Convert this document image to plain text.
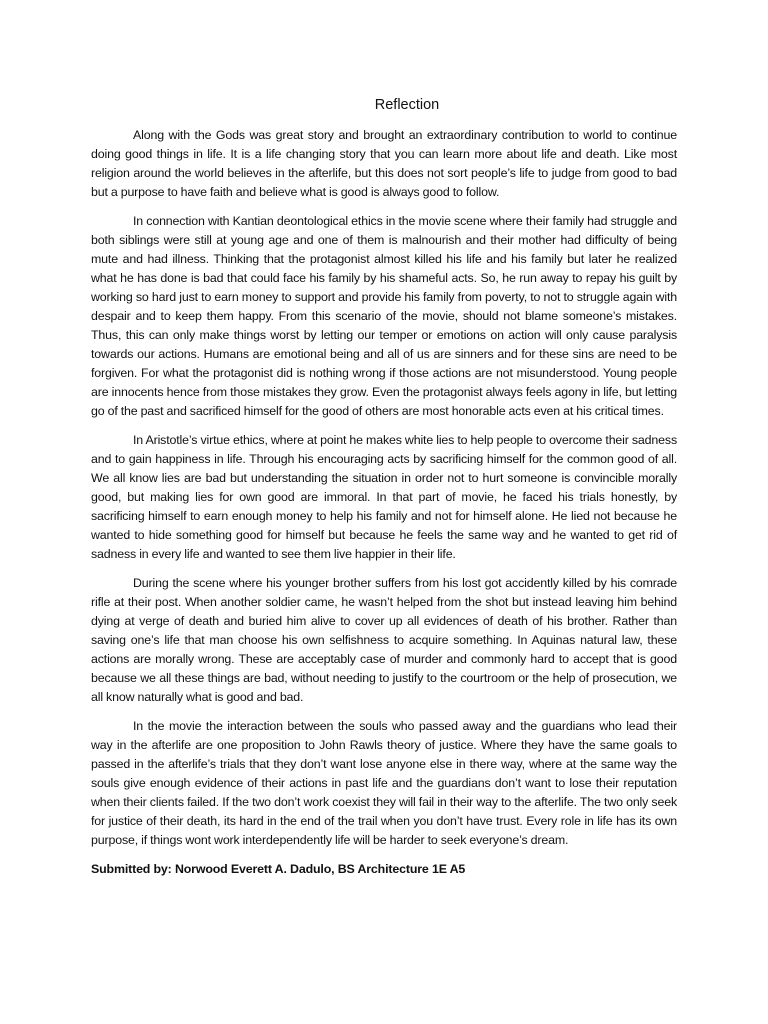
Reflection

Along with the Gods was great story and brought an extraordinary contribution to world to continue doing good things in life. It is a life changing story that you can learn more about life and death. Like most religion around the world believes in the afterlife, but this does not sort people’s life to judge from good to bad but a purpose to have faith and believe what is good is always good to follow.

In connection with Kantian deontological ethics in the movie scene where their family had struggle and both siblings were still at young age and one of them is malnourish and their mother had difficulty of being mute and had illness. Thinking that the protagonist almost killed his life and his family but later he realized what he has done is bad that could face his family by his shameful acts. So, he run away to repay his guilt by working so hard just to earn money to support and provide his family from poverty, to not to struggle again with despair and to keep them happy. From this scenario of the movie, should not blame someone’s mistakes. Thus, this can only make things worst by letting our temper or emotions on action will only cause paralysis towards our actions. Humans are emotional being and all of us are sinners and for these sins are need to be forgiven. For what the protagonist did is nothing wrong if those actions are not misunderstood. Young people are innocents hence from those mistakes they grow. Even the protagonist always feels agony in life, but letting go of the past and sacrificed himself for the good of others are most honorable acts even at his critical times.

In Aristotle’s virtue ethics, where at point he makes white lies to help people to overcome their sadness and to gain happiness in life. Through his encouraging acts by sacrificing himself for the common good of all. We all know lies are bad but understanding the situation in order not to hurt someone is convincible morally good, but making lies for own good are immoral. In that part of movie, he faced his trials honestly, by sacrificing himself to earn enough money to help his family and not for himself alone. He lied not because he wanted to hide something good for himself but because he feels the same way and he wanted to get rid of sadness in every life and wanted to see them live happier in their life.

During the scene where his younger brother suffers from his lost got accidently killed by his comrade rifle at their post. When another soldier came, he wasn’t helped from the shot but instead leaving him behind dying at verge of death and buried him alive to cover up all evidences of death of his brother. Rather than saving one’s life that man choose his own selfishness to acquire something. In Aquinas natural law, these actions are morally wrong. These are acceptably case of murder and commonly hard to accept that is good because we all these things are bad, without needing to justify to the courtroom or the help of prosecution, we all know naturally what is good and bad.

In the movie the interaction between the souls who passed away and the guardians who lead their way in the afterlife are one proposition to John Rawls theory of justice. Where they have the same goals to passed in the afterlife’s trials that they don’t want lose anyone else in there way, where at the same way the souls give enough evidence of their actions in past life and the guardians don’t want to lose their reputation when their clients failed. If the two don’t work coexist they will fail in their way to the afterlife. The two only seek for justice of their death, its hard in the end of the trail when you don’t have trust. Every role in life has its own purpose, if things wont work interdependently life will be harder to seek everyone’s dream.

Submitted by: Norwood Everett A. Dadulo, BS Architecture 1E A5
